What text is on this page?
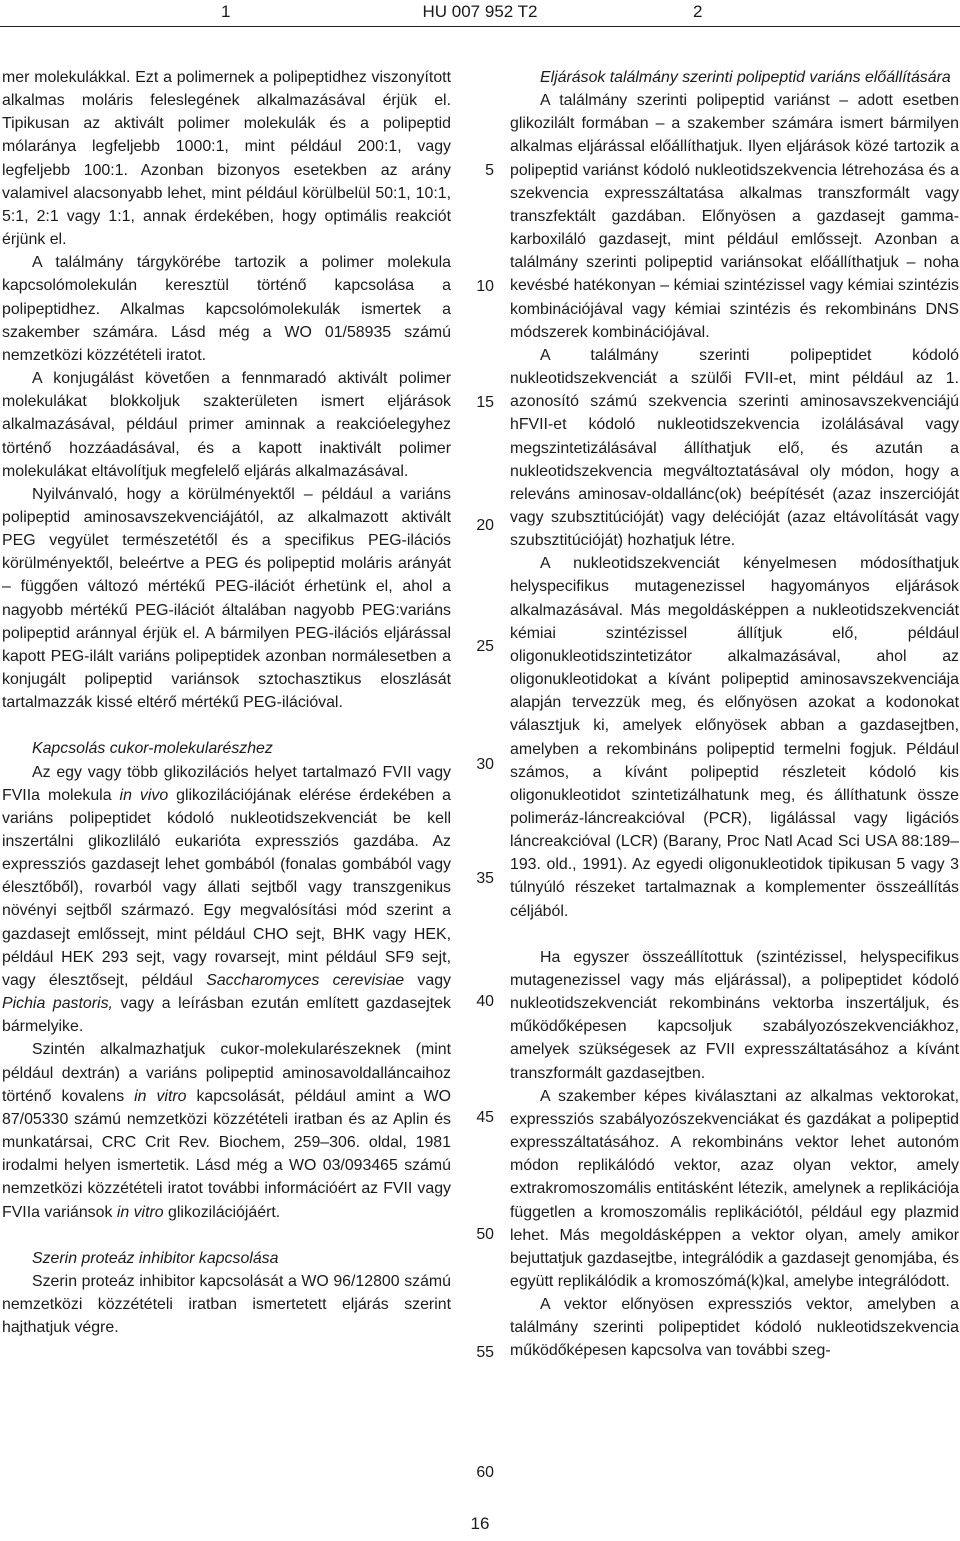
1	HU 007 952 T2	2

mer molekulákkal. Ezt a polimernek a polipeptidhez viszonyított alkalmas moláris feleslegének alkalmazásával érjük el. Tipikusan az aktivált polimer molekulák és a polipeptid mólaránya legfeljebb 1000:1, mint például 200:1, vagy legfeljebb 100:1. Azonban bizonyos esetekben az arány valamivel alacsonyabb lehet, mint például körülbelül 50:1, 10:1, 5:1, 2:1 vagy 1:1, annak érdekében, hogy optimális reakciót érjünk el.

A találmány tárgykörébe tartozik a polimer molekula kapcsolómolekulán keresztül történő kapcsolása a polipeptidhez. Alkalmas kapcsolómolekulák ismertek a szakember számára. Lásd még a WO 01/58935 számú nemzetközi közzétételi iratot.

A konjugálást követően a fennmaradó aktivált polimer molekulákat blokkoljuk szakterületen ismert eljárások alkalmazásával, például primer aminnak a reakcióelegyhez történő hozzáadásával, és a kapott inaktivált polimer molekulákat eltávolítjuk megfelelő eljárás alkalmazásával.

Nyilvánvaló, hogy a körülményektől – például a variáns polipeptid aminosavszekvenciájától, az alkalmazott aktivált PEG vegyület természetétől és a specifikus PEG-ilációs körülményektől, beleértve a PEG és polipeptid moláris arányát – függően változó mértékű PEG-ilációt érhetünk el, ahol a nagyobb mértékű PEG-ilációt általában nagyobb PEG:variáns polipeptid aránnyal érjük el. A bármilyen PEG-ilációs eljárással kapott PEG-ilált variáns polipeptidek azonban normálesetben a konjugált polipeptid variánsok sztochasztikus eloszlását tartalmazzák kissé eltérő mértékű PEG-ilációval.

Kapcsolás cukor-molekularészhez

Az egy vagy több glikozilációs helyet tartalmazó FVII vagy FVIIa molekula in vivo glikozilációjának elérése érdekében a variáns polipeptidet kódoló nukleotidszekvenciát be kell inszertálni glikozliláló eukarióta expressziós gazdába. Az expressziós gazdasejt lehet gombából (fonalas gombából vagy élesztőből), rovarból vagy állati sejtből vagy transzgenikus növényi sejtből származó. Egy megvalósítási mód szerint a gazdasejt emlőssejt, mint például CHO sejt, BHK vagy HEK, például HEK 293 sejt, vagy rovarsejt, mint például SF9 sejt, vagy élesztősejt, például Saccharomyces cerevisiae vagy Pichia pastoris, vagy a leírásban ezután említett gazdasejtek bármelyike.

Szintén alkalmazhatjuk cukor-molekularészeknek (mint például dextrán) a variáns polipeptid aminosavoldalláncaihoz történő kovalens in vitro kapcsolását, például amint a WO 87/05330 számú nemzetközi közzétételi iratban és az Aplin és munkatársai, CRC Crit Rev. Biochem, 259–306. oldal, 1981 irodalmi helyen ismertetik. Lásd még a WO 03/093465 számú nemzetközi közzétételi iratot további információért az FVII vagy FVIIa variánsok in vitro glikozilációjáért.

Szerin proteáz inhibitor kapcsolása

Szerin proteáz inhibitor kapcsolását a WO 96/12800 számú nemzetközi közzétételi iratban ismertetett eljárás szerint hajthatjuk végre.

Eljárások találmány szerinti polipeptid variáns előállítására

A találmány szerinti polipeptid variánst – adott esetben glikozilált formában – a szakember számára ismert bármilyen alkalmas eljárással előállíthatjuk. Ilyen eljárások közé tartozik a polipeptid variánst kódoló nukleotidszekvencia létrehozása és a szekvencia expresszáltatása alkalmas transzformált vagy transzfektált gazdában. Előnyösen a gazdasejt gamma-karboxiláló gazdasejt, mint például emlőssejt. Azonban a találmány szerinti polipeptid variánsokat előállíthatjuk – noha kevésbé hatékonyan – kémiai szintézissel vagy kémiai szintézis kombinációjával vagy kémiai szintézis és rekombináns DNS módszerek kombinációjával.

A találmány szerinti polipeptidet kódoló nukleotidszekvenciát a szülői FVII-et, mint például az 1. azonosító számú szekvencia szerinti aminosavszekvenciájú hFVII-et kódoló nukleotidszekvencia izolálásával vagy megszintetizálásával állíthatjuk elő, és azután a nukleotidszekvencia megváltoztatásával oly módon, hogy a releváns aminosav-oldallánc(ok) beépítését (azaz inszercióját vagy szubsztitúcióját) vagy delécióját (azaz eltávolítását vagy szubsztitúcióját) hozhatjuk létre.

A nukleotidszekvenciát kényelmesen módosíthatjuk helyspecifikus mutagenezissel hagyományos eljárások alkalmazásával. Más megoldásképpen a nukleotidszekvenciát kémiai szintézissel állítjuk elő, például oligonukleotidszintetizátor alkalmazásával, ahol az oligonukleotidokat a kívánt polipeptid aminosavszekvenciája alapján tervezzük meg, és előnyösen azokat a kodonokat választjuk ki, amelyek előnyösek abban a gazdasejtben, amelyben a rekombináns polipeptid termelni fogjuk. Például számos, a kívánt polipeptid részleteit kódoló kis oligonukleotidot szintetizálhatunk meg, és állíthatunk össze polimeráz-láncreakcióval (PCR), ligálással vagy ligációs láncreakcióval (LCR) (Barany, Proc Natl Acad Sci USA 88:189–193. old., 1991). Az egyedi oligonukleotidok tipikusan 5 vagy 3 túlnyúló részeket tartalmaznak a komplementer összeállítás céljából.

Ha egyszer összeállítottuk (szintézissel, helyspecifikus mutagenezissel vagy más eljárással), a polipeptidet kódoló nukleotidszekvenciát rekombináns vektorba inszertáljuk, és működőképesen kapcsoljuk szabályozószekvenciákhoz, amelyek szükségesek az FVII expresszáltatásához a kívánt transzformált gazdasejtben.

A szakember képes kiválasztani az alkalmas vektorokat, expressziós szabályozószekvenciákat és gazdákat a polipeptid expresszáltatásához. A rekombináns vektor lehet autonóm módon replikálódó vektor, azaz olyan vektor, amely extrakromoszomális entitásként létezik, amelynek a replikációja független a kromoszomális replikációtól, például egy plazmid lehet. Más megoldásképpen a vektor olyan, amely amikor bejuttatjuk gazdasejtbe, integrálódik a gazdasejt genomjába, és együtt replikálódik a kromoszómá(k)kal, amelybe integrálódott.

A vektor előnyösen expressziós vektor, amelyben a találmány szerinti polipeptidet kódoló nukleotidszekvencia működőképesen kapcsolva van további szeg-

5
10
15
20
25
30
35
40
45
50
55
60
16
